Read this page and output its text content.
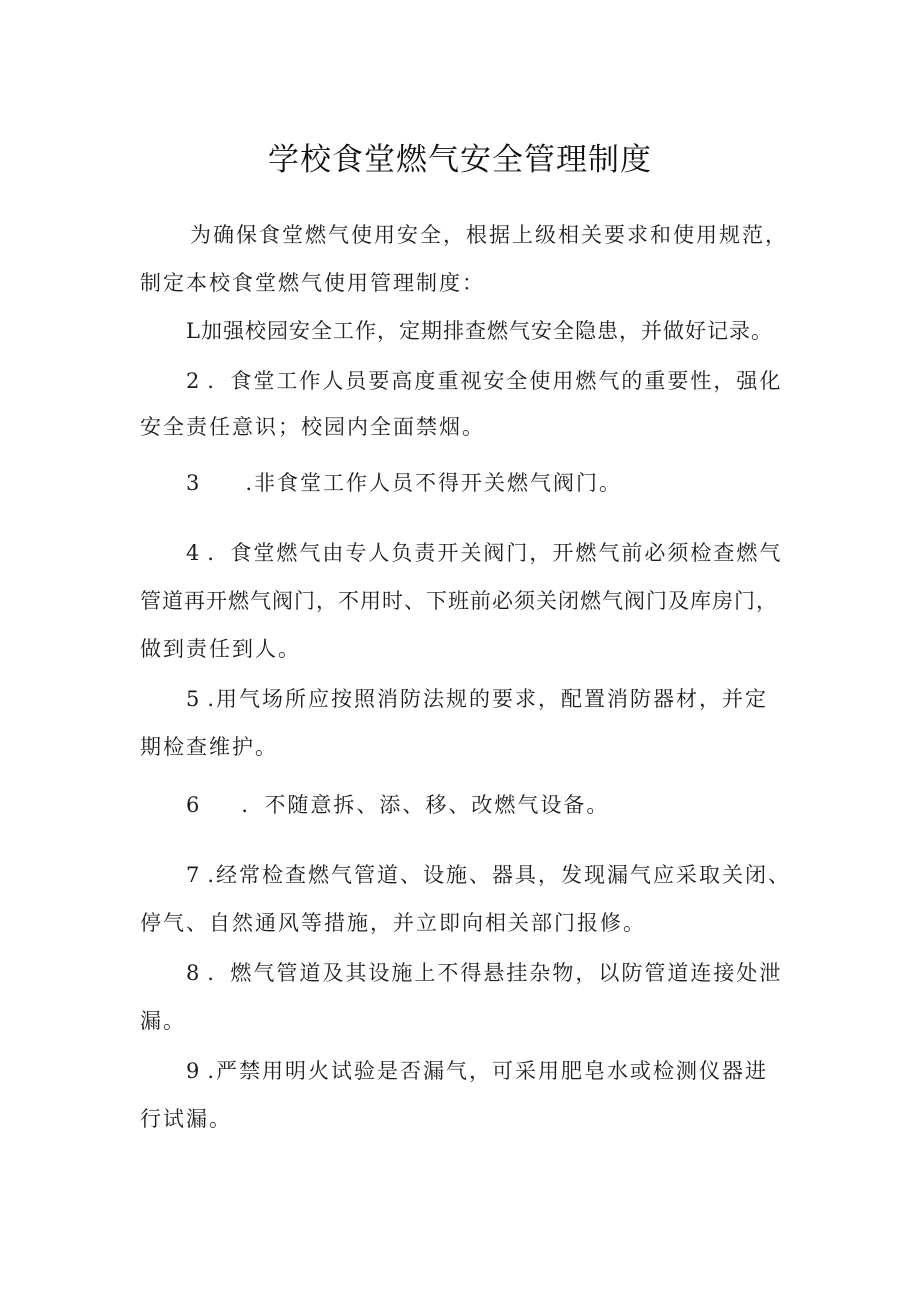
学校食堂燃气安全管理制度

为确保食堂燃气使用安全，根据上级相关要求和使用规范，

制定本校食堂燃气使用管理制度：

L加强校园安全工作，定期排查燃气安全隐患，并做好记录。

2 ．食堂工作人员要高度重视安全使用燃气的重要性，强化

安全责任意识；校园内全面禁烟。

3 .非食堂工作人员不得开关燃气阀门。

4 ．食堂燃气由专人负责开关阀门，开燃气前必须检查燃气

管道再开燃气阀门，不用时、下班前必须关闭燃气阀门及库房门，

做到责任到人。

5 .用气场所应按照消防法规的要求，配置消防器材，并定

期检查维护。

6 ．不随意拆、添、移、改燃气设备。

7 .经常检查燃气管道、设施、器具，发现漏气应采取关闭、

停气、自然通风等措施，并立即向相关部门报修。

8 ．燃气管道及其设施上不得悬挂杂物，以防管道连接处泄

漏。

9 .严禁用明火试验是否漏气，可采用肥皂水或检测仪器进

行试漏。
